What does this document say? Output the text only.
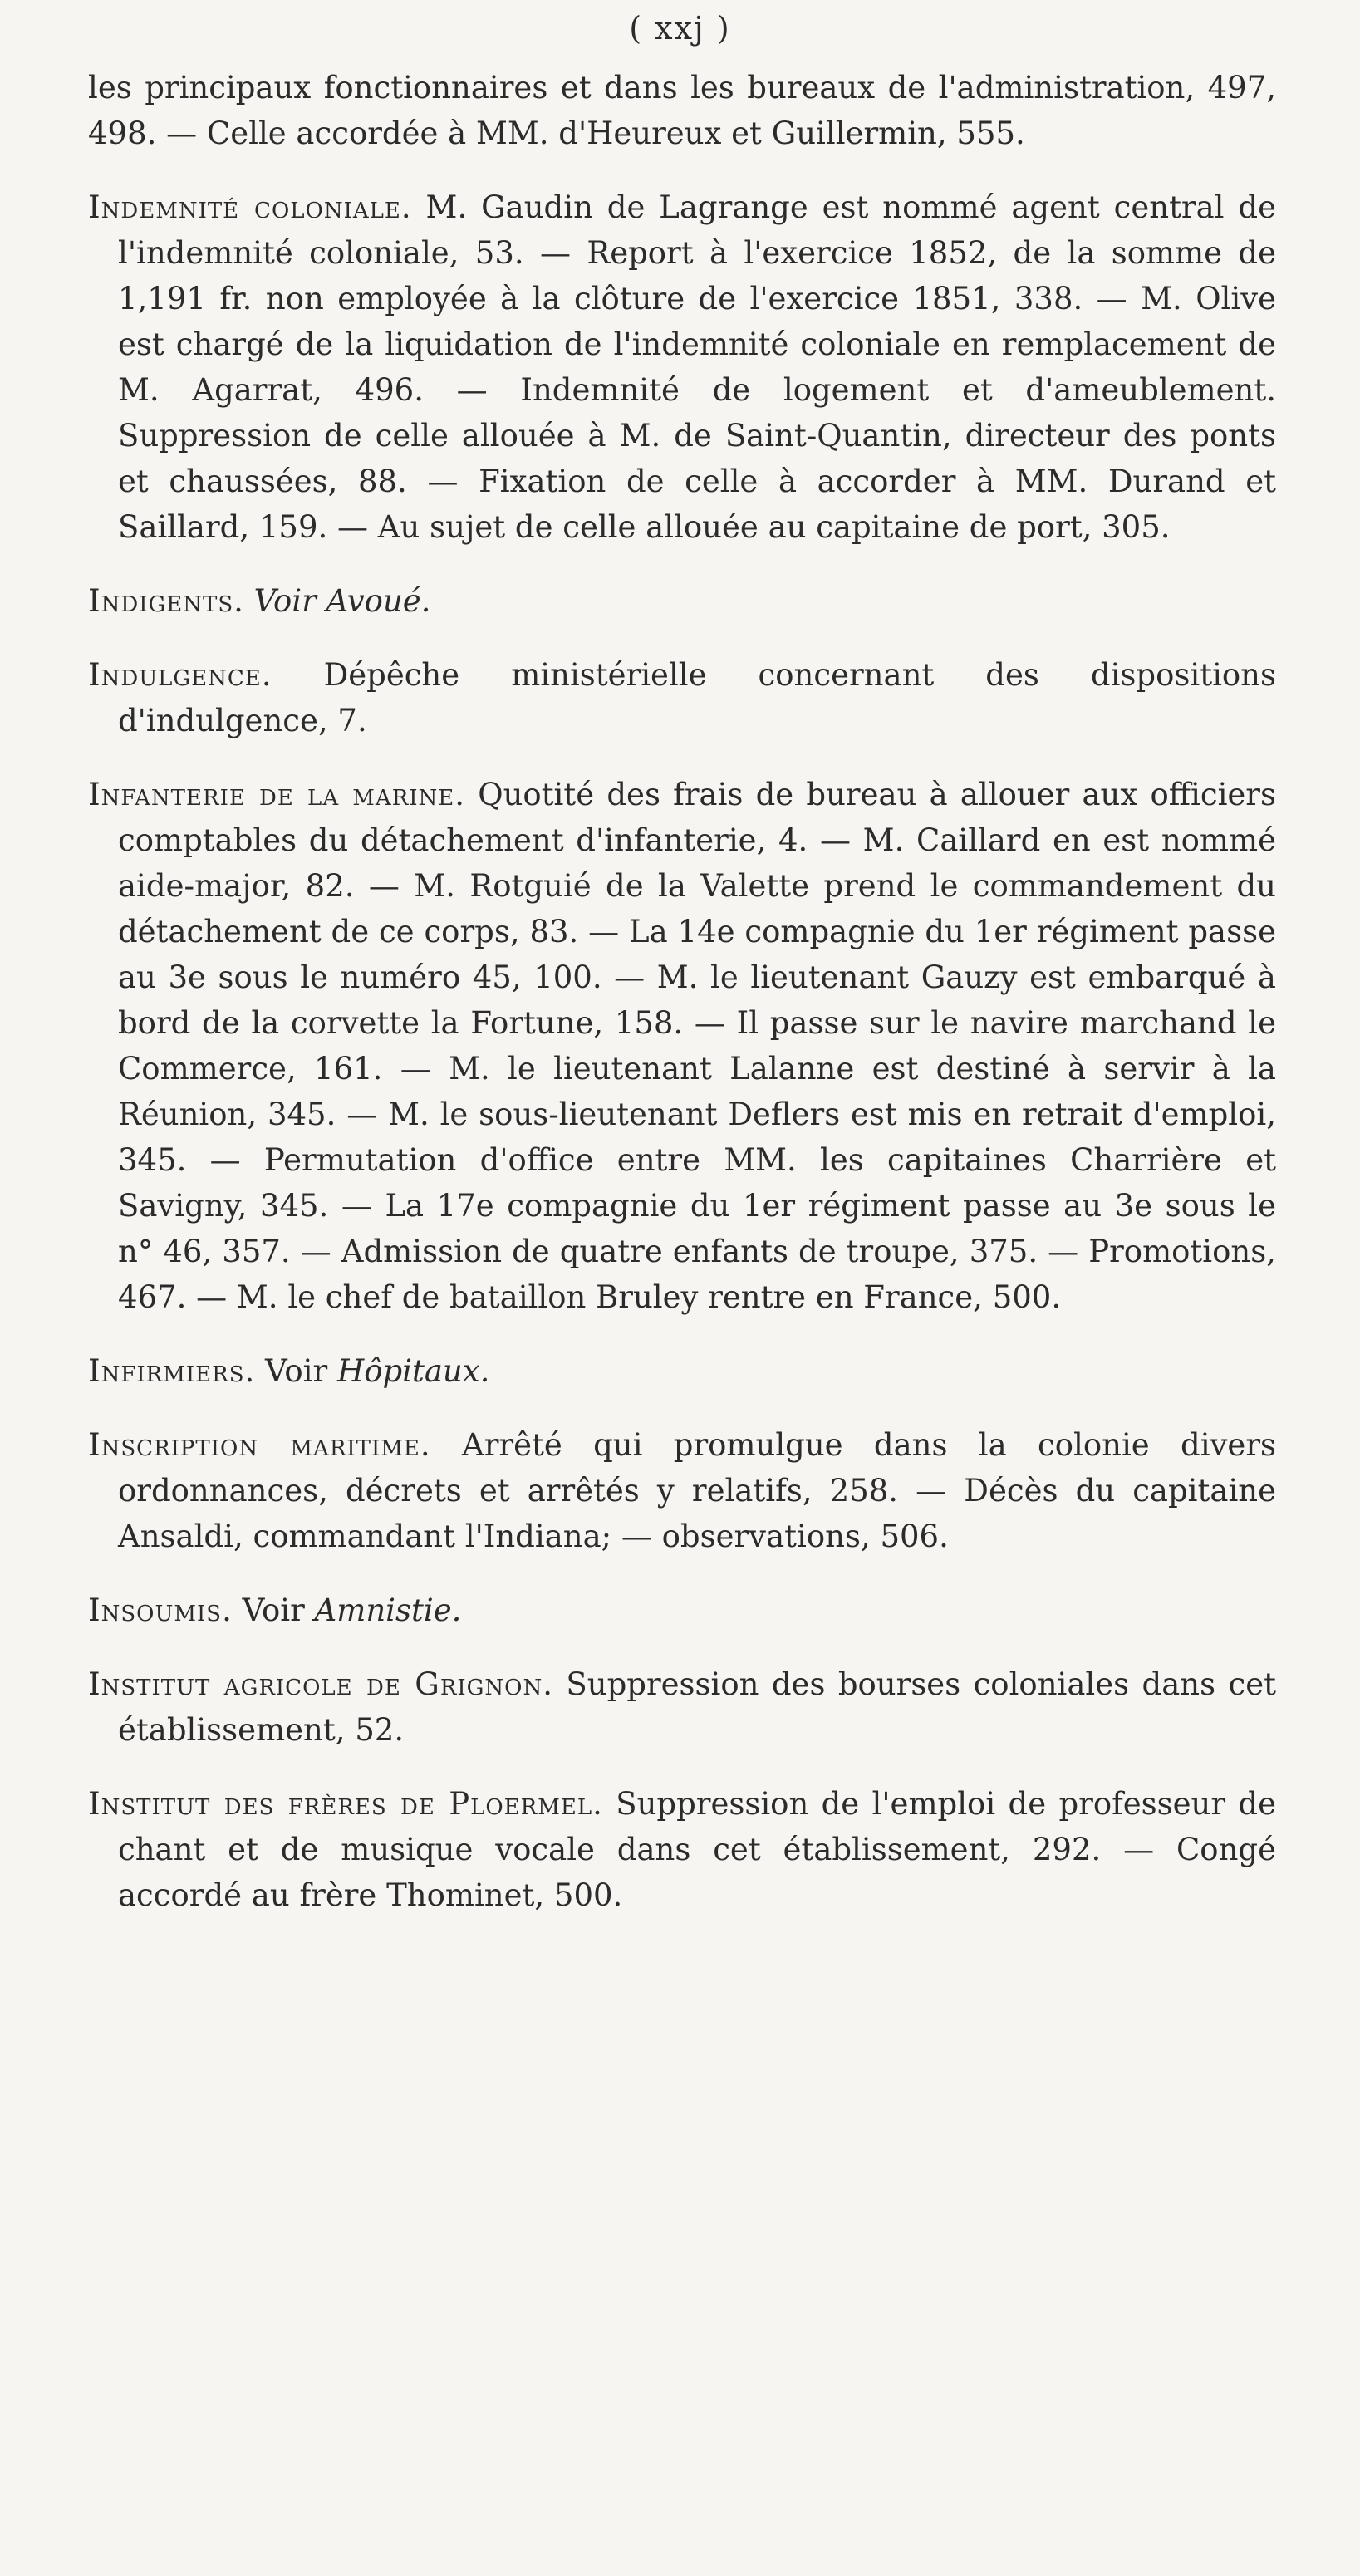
( xxj )

les principaux fonctionnaires et dans les bureaux de l'administration, 497, 498. — Celle accordée à MM. d'Heureux et Guillermin, 555.

Indemnité coloniale. M. Gaudin de Lagrange est nommé agent central de l'indemnité coloniale, 53. — Report à l'exercice 1852, de la somme de 1,191 fr. non employée à la clôture de l'exercice 1851, 338. — M. Olive est chargé de la liquidation de l'indemnité coloniale en remplacement de M. Agarrat, 496. — Indemnité de logement et d'ameublement. Suppression de celle allouée à M. de Saint-Quantin, directeur des ponts et chaussées, 88. — Fixation de celle à accorder à MM. Durand et Saillard, 159. — Au sujet de celle allouée au capitaine de port, 305.

Indigents. Voir Avoué.

Indulgence. Dépêche ministérielle concernant des dispositions d'indulgence, 7.

Infanterie de la marine. Quotité des frais de bureau à allouer aux officiers comptables du détachement d'infanterie, 4. — M. Caillard en est nommé aide-major, 82. — M. Rotguié de la Valette prend le commandement du détachement de ce corps, 83. — La 14e compagnie du 1er régiment passe au 3e sous le numéro 45, 100. — M. le lieutenant Gauzy est embarqué à bord de la corvette la Fortune, 158. — Il passe sur le navire marchand le Commerce, 161. — M. le lieutenant Lalanne est destiné à servir à la Réunion, 345. — M. le sous-lieutenant Deflers est mis en retrait d'emploi, 345. — Permutation d'office entre MM. les capitaines Charrière et Savigny, 345. — La 17e compagnie du 1er régiment passe au 3e sous le n° 46, 357. — Admission de quatre enfants de troupe, 375. — Promotions, 467. — M. le chef de bataillon Bruley rentre en France, 500.

Infirmiers. Voir Hôpitaux.

Inscription maritime. Arrêté qui promulgue dans la colonie divers ordonnances, décrets et arrêtés y relatifs, 258. — Décès du capitaine Ansaldi, commandant l'Indiana; — observations, 506.

Insoumis. Voir Amnistie.

Institut agricole de Grignon. Suppression des bourses coloniales dans cet établissement, 52.

Institut des frères de Ploermel. Suppression de l'emploi de professeur de chant et de musique vocale dans cet établissement, 292. — Congé accordé au frère Thominet, 500.
